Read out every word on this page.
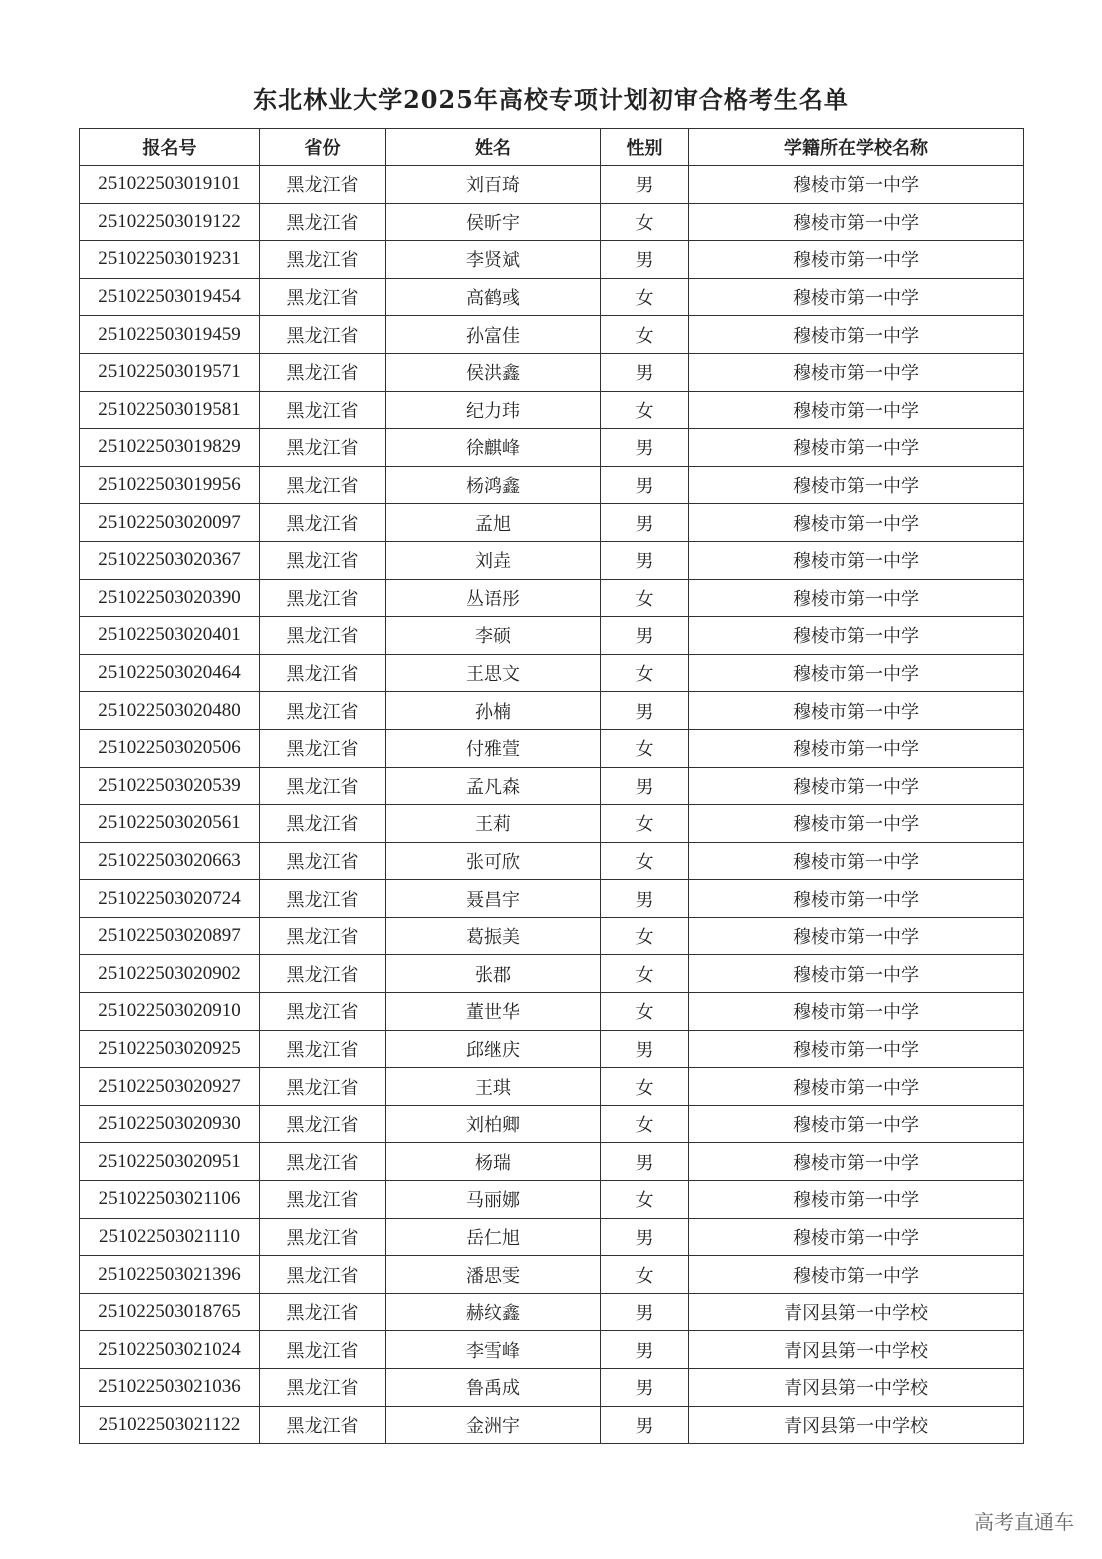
东北林业大学2025年高校专项计划初审合格考生名单
报名号	省份	姓名	性别	学籍所在学校名称
251022503019101	黑龙江省	刘百琦	男	穆棱市第一中学
251022503019122	黑龙江省	侯昕宇	女	穆棱市第一中学
251022503019231	黑龙江省	李贤斌	男	穆棱市第一中学
251022503019454	黑龙江省	高鹤彧	女	穆棱市第一中学
251022503019459	黑龙江省	孙富佳	女	穆棱市第一中学
251022503019571	黑龙江省	侯洪鑫	男	穆棱市第一中学
251022503019581	黑龙江省	纪力玮	女	穆棱市第一中学
251022503019829	黑龙江省	徐麒峰	男	穆棱市第一中学
251022503019956	黑龙江省	杨鸿鑫	男	穆棱市第一中学
251022503020097	黑龙江省	孟旭	男	穆棱市第一中学
251022503020367	黑龙江省	刘垚	男	穆棱市第一中学
251022503020390	黑龙江省	丛语彤	女	穆棱市第一中学
251022503020401	黑龙江省	李硕	男	穆棱市第一中学
251022503020464	黑龙江省	王思文	女	穆棱市第一中学
251022503020480	黑龙江省	孙楠	男	穆棱市第一中学
251022503020506	黑龙江省	付雅萱	女	穆棱市第一中学
251022503020539	黑龙江省	孟凡森	男	穆棱市第一中学
251022503020561	黑龙江省	王莉	女	穆棱市第一中学
251022503020663	黑龙江省	张可欣	女	穆棱市第一中学
251022503020724	黑龙江省	聂昌宇	男	穆棱市第一中学
251022503020897	黑龙江省	葛振美	女	穆棱市第一中学
251022503020902	黑龙江省	张郡	女	穆棱市第一中学
251022503020910	黑龙江省	董世华	女	穆棱市第一中学
251022503020925	黑龙江省	邱继庆	男	穆棱市第一中学
251022503020927	黑龙江省	王琪	女	穆棱市第一中学
251022503020930	黑龙江省	刘柏卿	女	穆棱市第一中学
251022503020951	黑龙江省	杨瑞	男	穆棱市第一中学
251022503021106	黑龙江省	马丽娜	女	穆棱市第一中学
251022503021110	黑龙江省	岳仁旭	男	穆棱市第一中学
251022503021396	黑龙江省	潘思雯	女	穆棱市第一中学
251022503018765	黑龙江省	赫纹鑫	男	青冈县第一中学校
251022503021024	黑龙江省	李雪峰	男	青冈县第一中学校
251022503021036	黑龙江省	鲁禹成	男	青冈县第一中学校
251022503021122	黑龙江省	金洲宇	男	青冈县第一中学校
高考直通车
